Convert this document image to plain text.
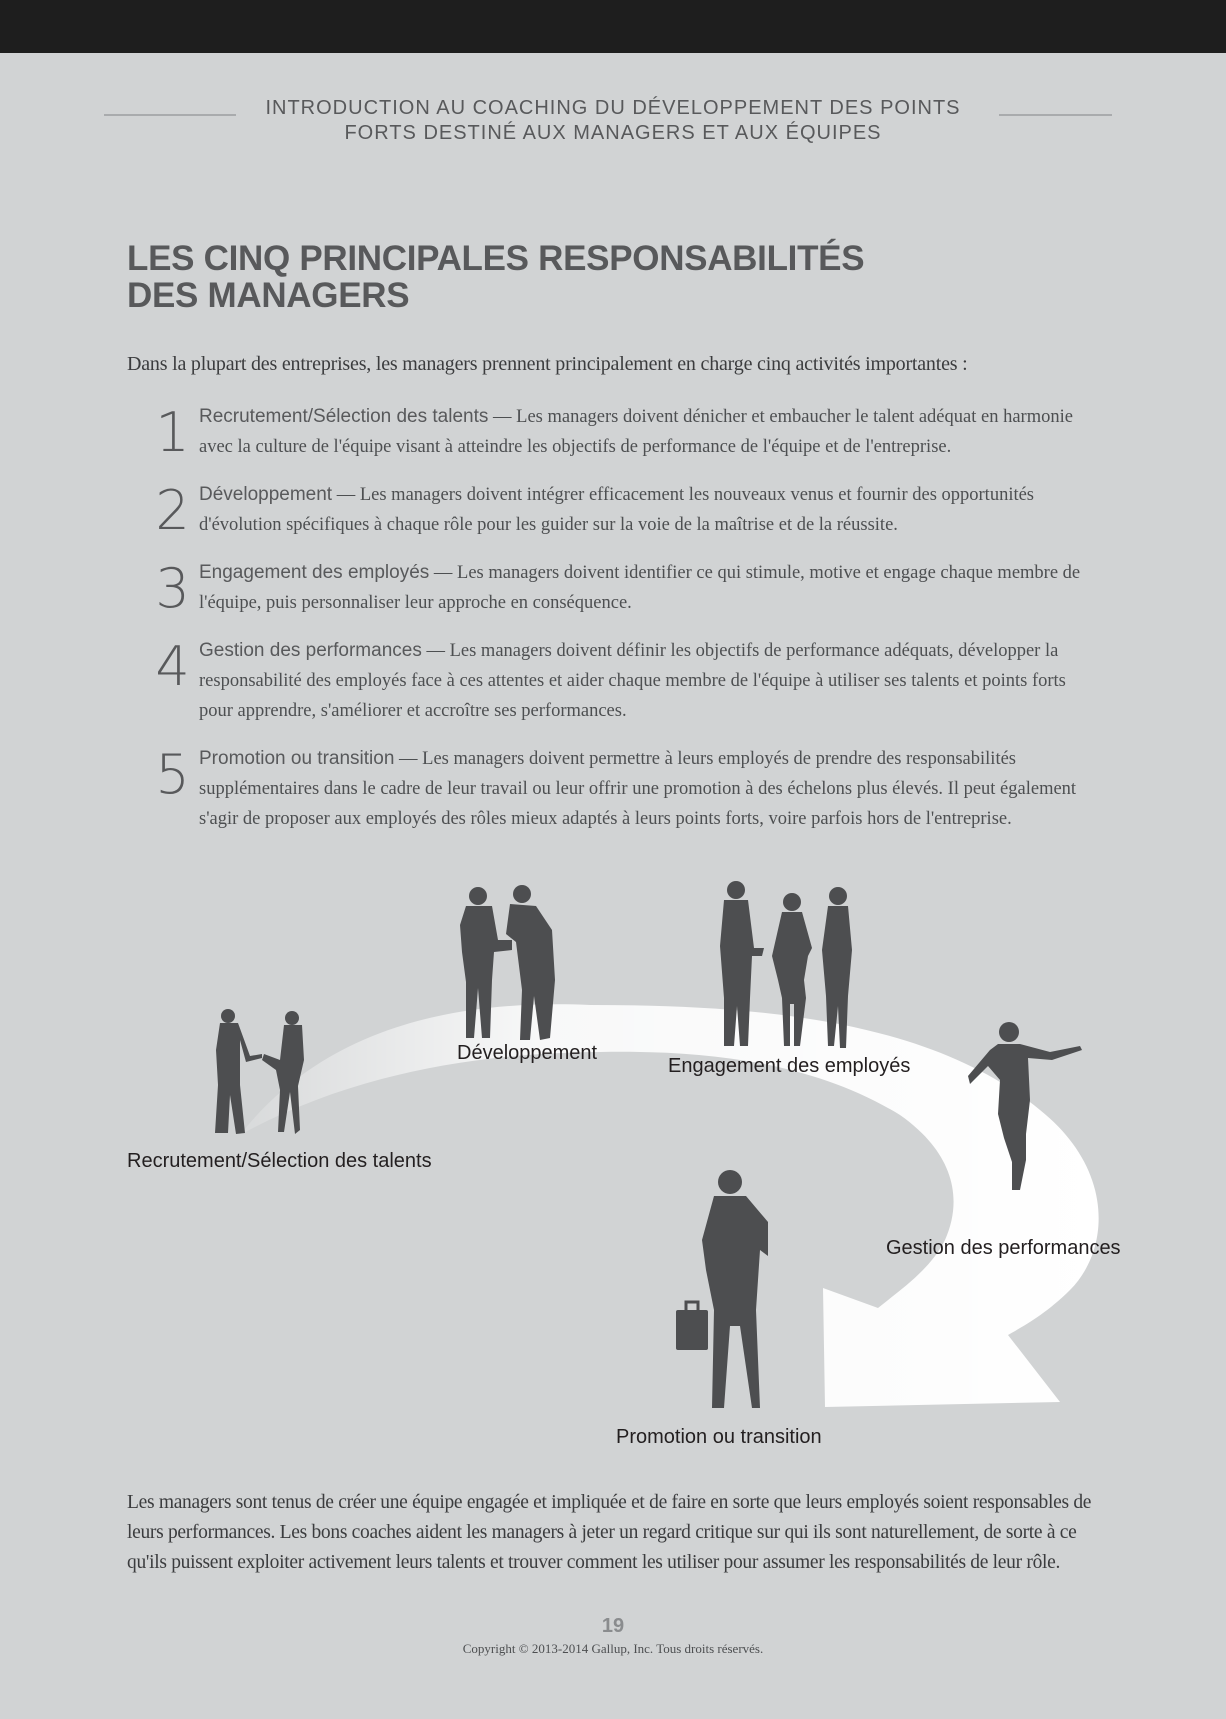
INTRODUCTION AU COACHING DU DÉVELOPPEMENT DES POINTS
FORTS DESTINÉ AUX MANAGERS ET AUX ÉQUIPES
LES CINQ PRINCIPALES RESPONSABILITÉS
DES MANAGERS
Dans la plupart des entreprises, les managers prennent principalement en charge cinq activités importantes :
1 Recrutement/Sélection des talents — Les managers doivent dénicher et embaucher le talent adéquat en harmonie avec la culture de l'équipe visant à atteindre les objectifs de performance de l'équipe et de l'entreprise.
2 Développement — Les managers doivent intégrer efficacement les nouveaux venus et fournir des opportunités d'évolution spécifiques à chaque rôle pour les guider sur la voie de la maîtrise et de la réussite.
3 Engagement des employés — Les managers doivent identifier ce qui stimule, motive et engage chaque membre de l'équipe, puis personnaliser leur approche en conséquence.
4 Gestion des performances — Les managers doivent définir les objectifs de performance adéquats, développer la responsabilité des employés face à ces attentes et aider chaque membre de l'équipe à utiliser ses talents et points forts pour apprendre, s'améliorer et accroître ses performances.
5 Promotion ou transition — Les managers doivent permettre à leurs employés de prendre des responsabilités supplémentaires dans le cadre de leur travail ou leur offrir une promotion à des échelons plus élevés. Il peut également s'agir de proposer aux employés des rôles mieux adaptés à leurs points forts, voire parfois hors de l'entreprise.
Recrutement/Sélection des talents
Développement
Engagement des employés
Gestion des performances
Promotion ou transition
Les managers sont tenus de créer une équipe engagée et impliquée et de faire en sorte que leurs employés soient responsables de leurs performances. Les bons coaches aident les managers à jeter un regard critique sur qui ils sont naturellement, de sorte à ce qu'ils puissent exploiter activement leurs talents et trouver comment les utiliser pour assumer les responsabilités de leur rôle.
19
Copyright © 2013-2014 Gallup, Inc. Tous droits réservés.
